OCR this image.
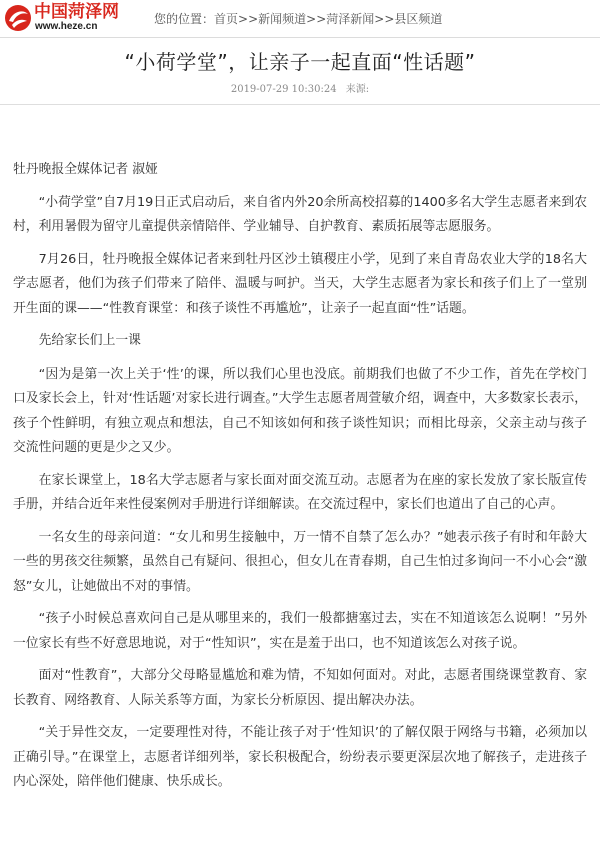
中国菏泽网
www.heze.cn
您的位置： 首页 >> 新闻频道 >> 菏泽新闻 >> 县区频道
“小荷学堂”，让亲子一起直面“性话题”
2019-07-29 10:30:24 来源:
牡丹晚报全媒体记者 淑娅

“小荷学堂”自7月19日正式启动后，来自省内外20余所高校招募的1400多名大学生志愿者来到农村，利用暑假为留守儿童提供亲情陪伴、学业辅导、自护教育、素质拓展等志愿服务。

7月26日，牡丹晚报全媒体记者来到牡丹区沙土镇稷庄小学，见到了来自青岛农业大学的18名大学志愿者，他们为孩子们带来了陪伴、温暖与呵护。当天，大学生志愿者为家长和孩子们上了一堂别开生面的课——“性教育课堂：和孩子谈性不再尴尬”，让亲子一起直面“性”话题。

先给家长们上一课

“因为是第一次上关于‘性’的课，所以我们心里也没底。前期我们也做了不少工作，首先在学校门口及家长会上，针对‘性话题’对家长进行调查。”大学生志愿者周萱敏介绍，调查中，大多数家长表示，孩子个性鲜明，有独立观点和想法，自己不知该如何和孩子谈性知识；而相比母亲，父亲主动与孩子交流性问题的更是少之又少。

在家长课堂上，18名大学志愿者与家长面对面交流互动。志愿者为在座的家长发放了家长版宣传手册，并结合近年来性侵案例对手册进行详细解读。在交流过程中，家长们也道出了自己的心声。

一名女生的母亲问道：“女儿和男生接触中，万一情不自禁了怎么办？”她表示孩子有时和年龄大一些的男孩交往频繁，虽然自己有疑问、很担心，但女儿在青春期，自己生怕过多询问一不小心会“激怒”女儿，让她做出不对的事情。

“孩子小时候总喜欢问自己是从哪里来的，我们一般都搪塞过去，实在不知道该怎么说啊！”另外一位家长有些不好意思地说，对于“性知识”，实在是羞于出口，也不知道该怎么对孩子说。

面对“性教育”，大部分父母略显尴尬和难为情，不知如何面对。对此，志愿者围绕课堂教育、家长教育、网络教育、人际关系等方面，为家长分析原因、提出解决办法。

“关于异性交友，一定要理性对待，不能让孩子对于‘性知识’的了解仅限于网络与书籍，必须加以正确引导。”在课堂上，志愿者详细列举，家长积极配合，纷纷表示要更深层次地了解孩子，走进孩子内心深处，陪伴他们健康、快乐成长。
